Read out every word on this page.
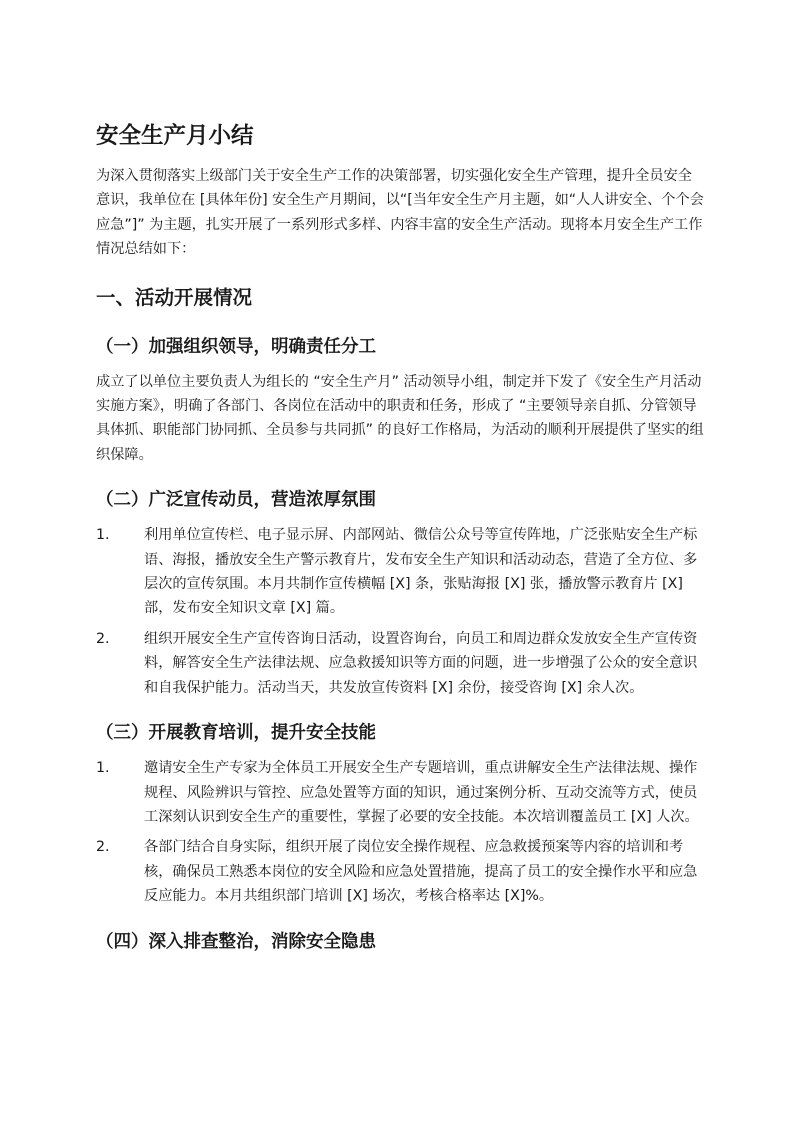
安全生产月小结

为深入贯彻落实上级部门关于安全生产工作的决策部署，切实强化安全生产管理，提升全员安全意识，我单位在 [具体年份] 安全生产月期间，以“[当年安全生产月主题，如“人人讲安全、个个会应急”]” 为主题，扎实开展了一系列形式多样、内容丰富的安全生产活动。现将本月安全生产工作情况总结如下：

一、活动开展情况
（一）加强组织领导，明确责任分工

成立了以单位主要负责人为组长的 “安全生产月” 活动领导小组，制定并下发了《安全生产月活动实施方案》，明确了各部门、各岗位在活动中的职责和任务，形成了 “主要领导亲自抓、分管领导具体抓、职能部门协同抓、全员参与共同抓” 的良好工作格局，为活动的顺利开展提供了坚实的组织保障。

（二）广泛宣传动员，营造浓厚氛围
1. 利用单位宣传栏、电子显示屏、内部网站、微信公众号等宣传阵地，广泛张贴安全生产标语、海报，播放安全生产警示教育片，发布安全生产知识和活动动态，营造了全方位、多层次的宣传氛围。本月共制作宣传横幅 [X] 条，张贴海报 [X] 张，播放警示教育片 [X] 部，发布安全知识文章 [X] 篇。
2. 组织开展安全生产宣传咨询日活动，设置咨询台，向员工和周边群众发放安全生产宣传资料，解答安全生产法律法规、应急救援知识等方面的问题，进一步增强了公众的安全意识和自我保护能力。活动当天，共发放宣传资料 [X] 余份，接受咨询 [X] 余人次。
（三）开展教育培训，提升安全技能
1. 邀请安全生产专家为全体员工开展安全生产专题培训，重点讲解安全生产法律法规、操作规程、风险辨识与管控、应急处置等方面的知识，通过案例分析、互动交流等方式，使员工深刻认识到安全生产的重要性，掌握了必要的安全技能。本次培训覆盖员工 [X] 人次。
2. 各部门结合自身实际，组织开展了岗位安全操作规程、应急救援预案等内容的培训和考核，确保员工熟悉本岗位的安全风险和应急处置措施，提高了员工的安全操作水平和应急反应能力。本月共组织部门培训 [X] 场次，考核合格率达 [X]%。
（四）深入排查整治，消除安全隐患
